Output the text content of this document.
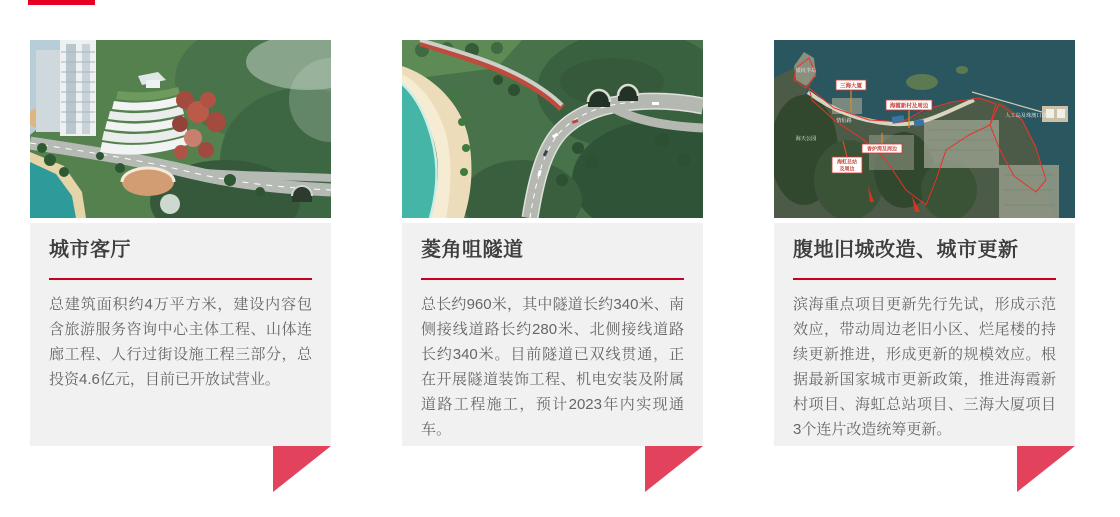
城市客厅
总建筑面积约4万平方米，建设内容包含旅游服务咨询中心主体工程、山体连廊工程、人行过街设施工程三部分，总投资4.6亿元，目前已开放试营业。
菱角咀隧道
总长约960米，其中隧道长约340米、南侧接线道路长约280米、北侧接线道路长约340米。目前隧道已双线贯通，正在开展隧道装饰工程、机电安装及附属道路工程施工，预计2023年内实现通车。
三海大厦
海霞新村及周边
香炉湾及周边
海虹总站
及周边
银坑半岛
情侣路
海天公园
人工岛及珠澳口岸
腹地旧城改造、城市更新
滨海重点项目更新先行先试，形成示范效应，带动周边老旧小区、烂尾楼的持续更新推进，形成更新的规模效应。根据最新国家城市更新政策，推进海霞新村项目、海虹总站项目、三海大厦项目3个连片改造统筹更新。
